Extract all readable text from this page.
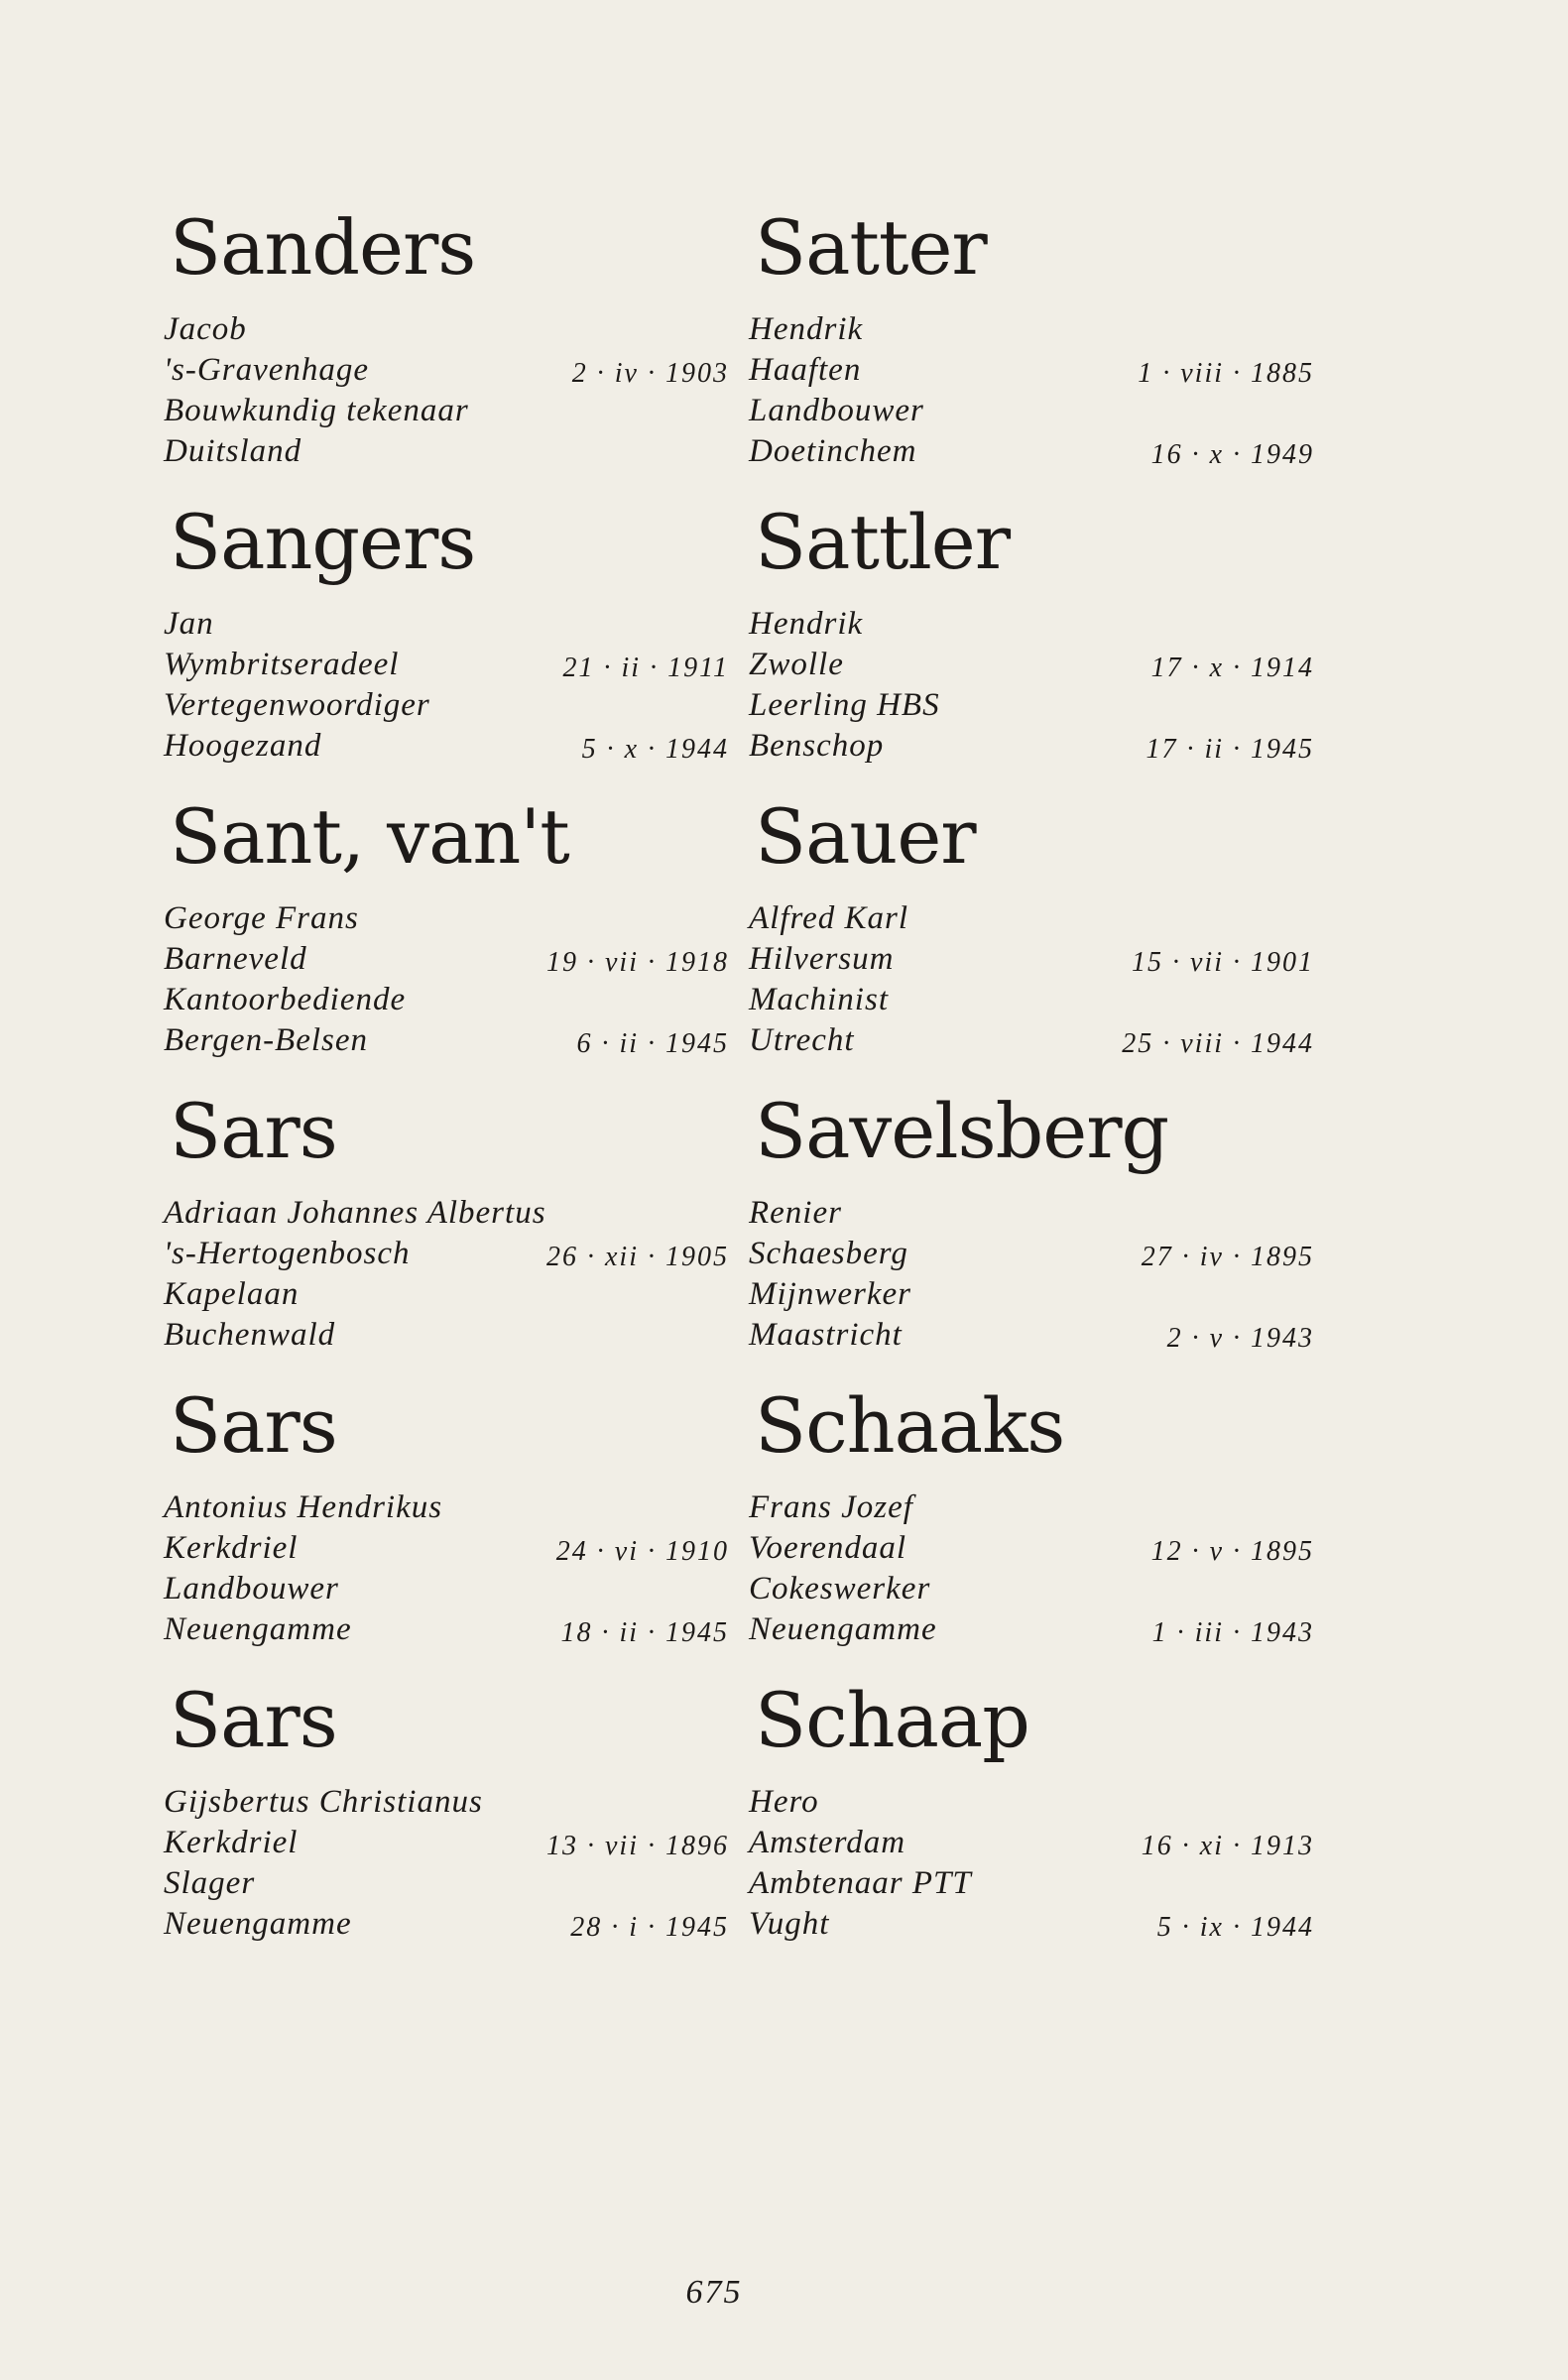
Sanders
Jacob
's-Gravenhage	2 · iv · 1903
Bouwkundig tekenaar
Duitsland
Sangers
Jan
Wymbritseradeel	21 · ii · 1911
Vertegenwoordiger
Hoogezand	5 · x · 1944
Sant, van't
George Frans
Barneveld	19 · vii · 1918
Kantoorbediende
Bergen-Belsen	6 · ii · 1945
Sars
Adriaan Johannes Albertus
's-Hertogenbosch	26 · xii · 1905
Kapelaan
Buchenwald
Sars
Antonius Hendrikus
Kerkdriel	24 · vi · 1910
Landbouwer
Neuengamme	18 · ii · 1945
Sars
Gijsbertus Christianus
Kerkdriel	13 · vii · 1896
Slager
Neuengamme	28 · i · 1945
Satter
Hendrik
Haaften	1 · viii · 1885
Landbouwer
Doetinchem	16 · x · 1949
Sattler
Hendrik
Zwolle	17 · x · 1914
Leerling HBS
Benschop	17 · ii · 1945
Sauer
Alfred Karl
Hilversum	15 · vii · 1901
Machinist
Utrecht	25 · viii · 1944
Savelsberg
Renier
Schaesberg	27 · iv · 1895
Mijnwerker
Maastricht	2 · v · 1943
Schaaks
Frans Jozef
Voerendaal	12 · v · 1895
Cokeswerker
Neuengamme	1 · iii · 1943
Schaap
Hero
Amsterdam	16 · xi · 1913
Ambtenaar PTT
Vught	5 · ix · 1944
675
